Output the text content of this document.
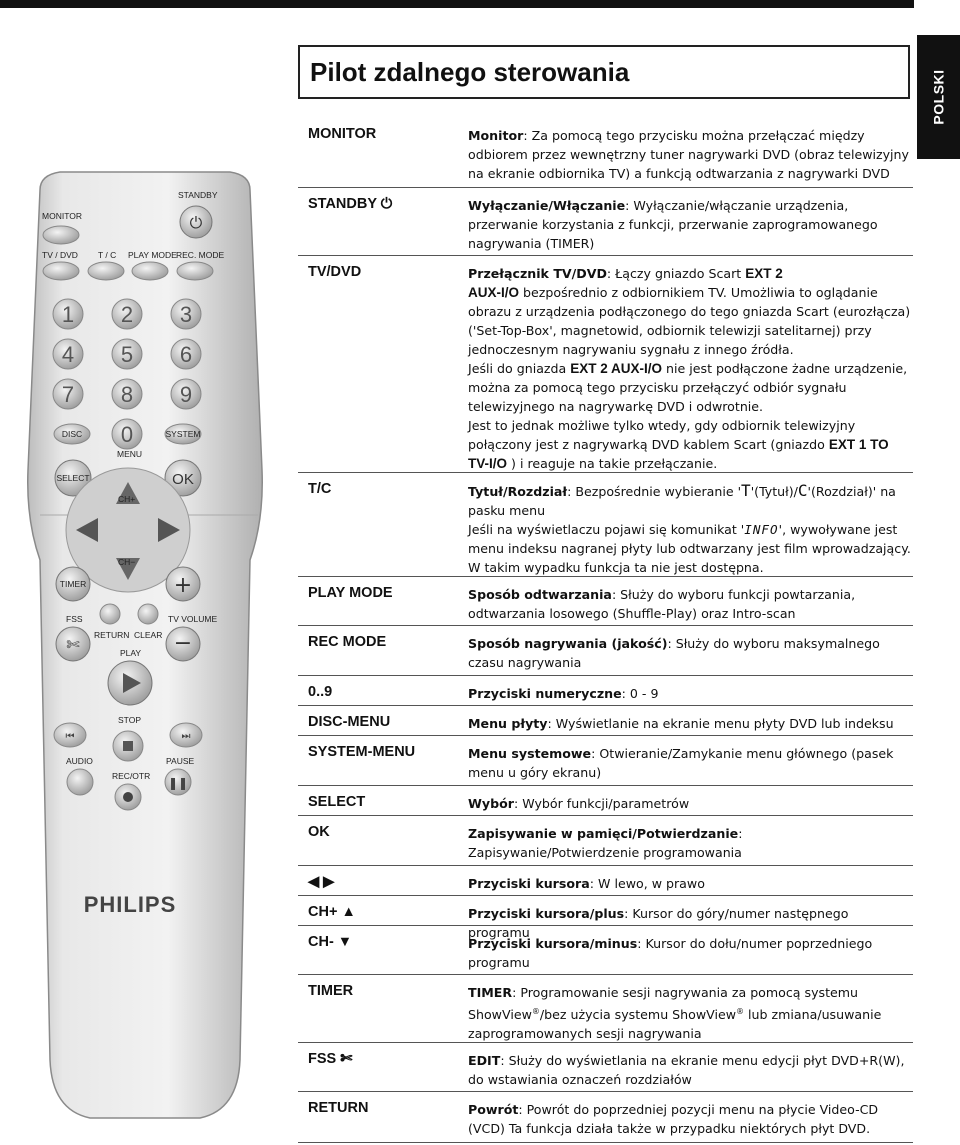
POLSKI
Pilot zdalnego sterowania
MONITOR
STANDBY
⏻
TV / DVD T / C PLAY MODE REC. MODE
1 2 3
4 5 6
7 8 9
0
DISC	SYSTEM
MENU
SELECT	OK
CH+
CH−
TIMER	+
FSS	TV VOLUME
✄ RETURN CLEAR −
PLAY
STOP
⏮	⏭
AUDIO	PAUSE
❚❚
REC/OTR
PHILIPS
MONITOR	Monitor: Za pomocą tego przycisku można przełączać między odbiorem przez wewnętrzny tuner nagrywarki DVD (obraz telewizyjny na ekranie odbiornika TV) a funkcją odtwarzania z nagrywarki DVD
STANDBY ⏻	Wyłączanie/Włączanie: Wyłączanie/włączanie urządzenia, przerwanie korzystania z funkcji, przerwanie zaprogramowanego nagrywania (TIMER)
TV/DVD	Przełącznik TV/DVD: Łączy gniazdo Scart EXT 2
AUX-I/O bezpośrednio z odbiornikiem TV. Umożliwia to oglądanie obrazu z urządzenia podłączonego do tego gniazda Scart (eurozłącza) ('Set-Top-Box', magnetowid, odbiornik telewizji satelitarnej) przy jednoczesnym nagrywaniu sygnału z innego źródła.
Jeśli do gniazda EXT 2 AUX-I/O nie jest podłączone żadne urządzenie, można za pomocą tego przycisku przełączyć odbiór sygnału telewizyjnego na nagrywarkę DVD i odwrotnie.
Jest to jednak możliwe tylko wtedy, gdy odbiornik telewizyjny połączony jest z nagrywarką DVD kablem Scart (gniazdo EXT 1 TO TV-I/O ) i reaguje na takie przełączanie.
T/C	Tytuł/Rozdział: Bezpośrednie wybieranie 'T'(Tytuł)/C'(Rozdział)' na pasku menu
Jeśli na wyświetlaczu pojawi się komunikat 'INFO', wywoływane jest menu indeksu nagranej płyty lub odtwarzany jest film wprowadzający. W takim wypadku funkcja ta nie jest dostępna.
PLAY MODE	Sposób odtwarzania: Służy do wyboru funkcji powtarzania, odtwarzania losowego (Shuffle-Play) oraz Intro-scan
REC MODE	Sposób nagrywania (jakość): Służy do wyboru maksymalnego czasu nagrywania
0..9	Przyciski numeryczne: 0 - 9
DISC-MENU	Menu płyty: Wyświetlanie na ekranie menu płyty DVD lub indeksu
SYSTEM-MENU	Menu systemowe: Otwieranie/Zamykanie menu głównego (pasek menu u góry ekranu)
SELECT	Wybór: Wybór funkcji/parametrów
OK	Zapisywanie w pamięci/Potwierdzanie: Zapisywanie/Potwierdzenie programowania
◀ ▶	Przyciski kursora: W lewo, w prawo
CH+ ▲	Przyciski kursora/plus: Kursor do góry/numer następnego programu
CH- ▼	Przyciski kursora/minus: Kursor do dołu/numer poprzedniego programu
TIMER	TIMER: Programowanie sesji nagrywania za pomocą systemu ShowView®/bez użycia systemu ShowView® lub zmiana/usuwanie zaprogramowanych sesji nagrywania
FSS ✄	EDIT: Służy do wyświetlania na ekranie menu edycji płyt DVD+R(W), do wstawiania oznaczeń rozdziałów
RETURN	Powrót: Powrót do poprzedniej pozycji menu na płycie Video-CD (VCD) Ta funkcja działa także w przypadku niektórych płyt DVD.
